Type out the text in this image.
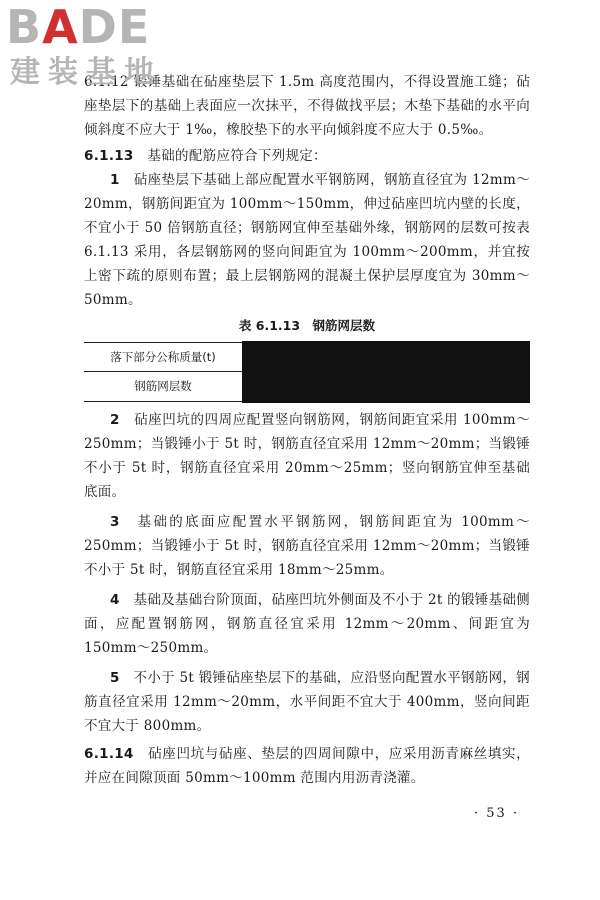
BADE
建装基地

6.1.12 锻锤基础在砧座垫层下 1.5m 高度范围内，不得设置施工缝；砧座垫层下的基础上表面应一次抹平，不得做找平层；木垫下基础的水平向倾斜度不应大于 1‰，橡胶垫下的水平向倾斜度不应大于 0.5‰。

6.1.13　 基础的配筋应符合下列规定：

1　 砧座垫层下基础上部应配置水平钢筋网，钢筋直径宜为 12mm～20mm，钢筋间距宜为 100mm～150mm，伸过砧座凹坑内壁的长度，不宜小于 50 倍钢筋直径；钢筋网宜伸至基础外缘，钢筋网的层数可按表 6.1.13 采用，各层钢筋网的竖向间距宜为 100mm～200mm，并宜按上密下疏的原则布置；最上层钢筋网的混凝土保护层厚度宜为 30mm～50mm。

表 6.1.13　钢筋网层数
落下部分公称质量(t)
钢筋网层数

2　 砧座凹坑的四周应配置竖向钢筋网，钢筋间距宜采用 100mm～250mm；当锻锤小于 5t 时，钢筋直径宜采用 12mm～20mm；当锻锤不小于 5t 时，钢筋直径宜采用 20mm～25mm；竖向钢筋宜伸至基础底面。

3　 基础的底面应配置水平钢筋网，钢筋间距宜为 100mm～250mm；当锻锤小于 5t 时，钢筋直径宜采用 12mm～20mm；当锻锤不小于 5t 时，钢筋直径宜采用 18mm～25mm。

4　 基础及基础台阶顶面，砧座凹坑外侧面及不小于 2t 的锻锤基础侧面，应配置钢筋网，钢筋直径宜采用 12mm～20mm、间距宜为 150mm～250mm。

5　 不小于 5t 锻锤砧座垫层下的基础，应沿竖向配置水平钢筋网，钢筋直径宜采用 12mm～20mm，水平间距不宜大于 400mm，竖向间距不宜大于 800mm。

6.1.14　 砧座凹坑与砧座、垫层的四周间隙中，应采用沥青麻丝填实，并应在间隙顶面 50mm～100mm 范围内用沥青浇灌。

· 53 ·
